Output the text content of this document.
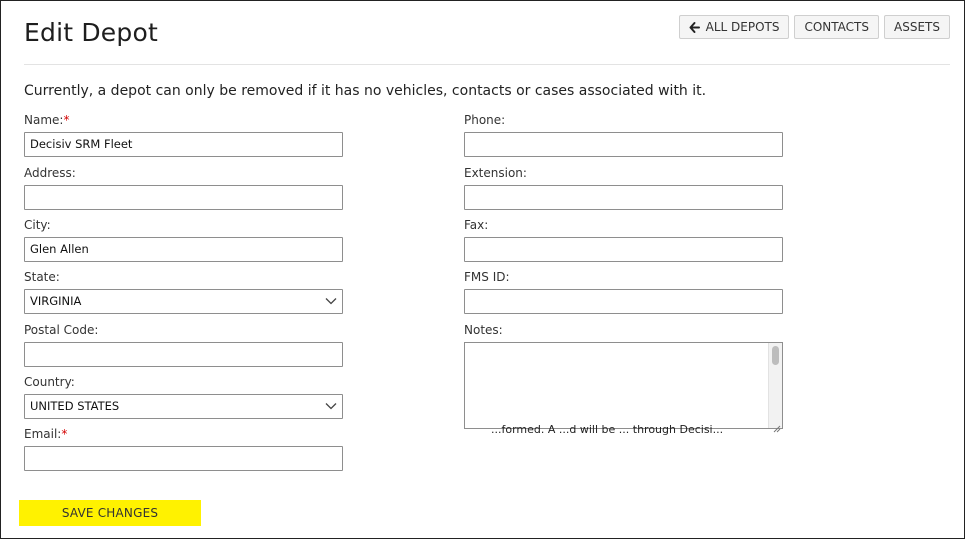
Edit Depot	ALL DEPOTS	CONTACTS	ASSETS
Currently, a depot can only be removed if it has no vehicles, contacts or cases associated with it.
Name:*
Decisiv SRM Fleet
Address:
City:
Glen Allen
State:
VIRGINIA
Postal Code:
Country:
UNITED STATES
Email:*
Phone:
Extension:
Fax:
FMS ID:
Notes:
...formed. A ...d will be ... through Decisi...
SAVE CHANGES
